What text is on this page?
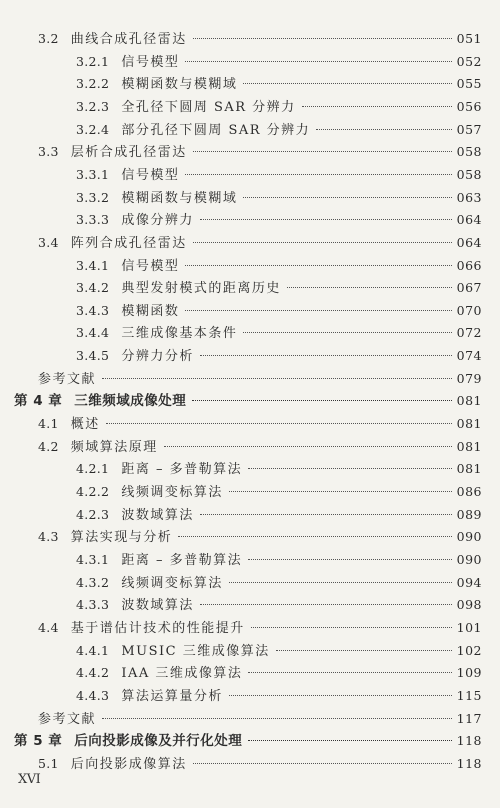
3.2 曲线合成孔径雷达	051
3.2.1 信号模型	052
3.2.2 模糊函数与模糊域	055
3.2.3 全孔径下圆周 SAR 分辨力	056
3.2.4 部分孔径下圆周 SAR 分辨力	057
3.3 层析合成孔径雷达	058
3.3.1 信号模型	058
3.3.2 模糊函数与模糊域	063
3.3.3 成像分辨力	064
3.4 阵列合成孔径雷达	064
3.4.1 信号模型	066
3.4.2 典型发射模式的距离历史	067
3.4.3 模糊函数	070
3.4.4 三维成像基本条件	072
3.4.5 分辨力分析	074
参考文献	079
第 4 章 三维频域成像处理	081
4.1 概述	081
4.2 频域算法原理	081
4.2.1 距离 – 多普勒算法	081
4.2.2 线频调变标算法	086
4.2.3 波数域算法	089
4.3 算法实现与分析	090
4.3.1 距离 – 多普勒算法	090
4.3.2 线频调变标算法	094
4.3.3 波数域算法	098
4.4 基于谱估计技术的性能提升	101
4.4.1 MUSIC 三维成像算法	102
4.4.2 IAA 三维成像算法	109
4.4.3 算法运算量分析	115
参考文献	117
第 5 章 后向投影成像及并行化处理	118
5.1 后向投影成像算法	118
XVI
